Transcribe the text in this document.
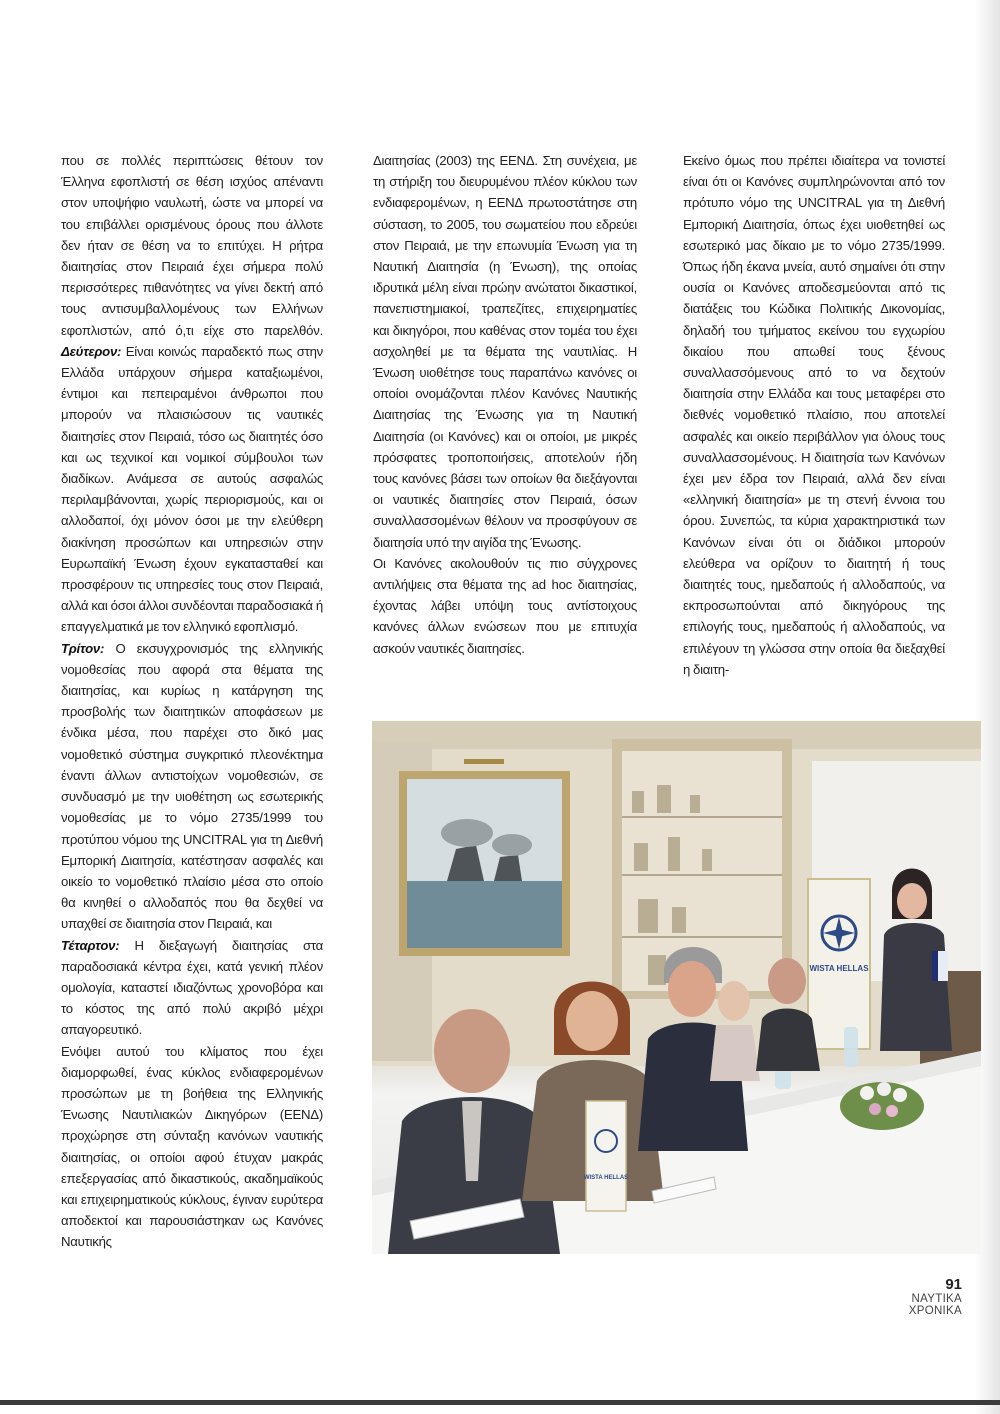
που σε πολλές περιπτώσεις θέτουν τον Έλληνα εφοπλιστή σε θέση ισχύος απέναντι στον υποψήφιο ναυλωτή, ώστε να μπορεί να του επιβάλλει ορισμένους όρους που άλλοτε δεν ήταν σε θέση να το επιτύχει. Η ρήτρα διαιτησίας στον Πειραιά έχει σήμερα πολύ περισσότερες πιθανότητες να γίνει δεκτή από τους αντισυμβαλλομένους των Ελλήνων εφοπλιστών, από ό,τι είχε στο παρελθόν. Δεύτερον: Είναι κοινώς παραδεκτό πως στην Ελλάδα υπάρχουν σήμερα καταξιωμένοι, έντιμοι και πεπειραμένοι άνθρωποι που μπορούν να πλαισιώσουν τις ναυτικές διαιτησίες στον Πειραιά, τόσο ως διαιτητές όσο και ως τεχνικοί και νομικοί σύμβουλοι των διαδίκων. Ανάμεσα σε αυτούς ασφαλώς περιλαμβάνονται, χωρίς περιορισμούς, και οι αλλοδαποί, όχι μόνον όσοι με την ελεύθερη διακίνηση προσώπων και υπηρεσιών στην Ευρωπαϊκή Ένωση έχουν εγκατασταθεί και προσφέρουν τις υπηρεσίες τους στον Πειραιά, αλλά και όσοι άλλοι συνδέονται παραδοσιακά ή επαγγελματικά με τον ελληνικό εφοπλισμό.

Τρίτον: Ο εκσυγχρονισμός της ελληνικής νομοθεσίας που αφορά στα θέματα της διαιτησίας, και κυρίως η κατάργηση της προσβολής των διαιτητικών αποφάσεων με ένδικα μέσα, που παρέχει στο δικό μας νομοθετικό σύστημα συγκριτικό πλεονέκτημα έναντι άλλων αντιστοίχων νομοθεσιών, σε συνδυασμό με την υιοθέτηση ως εσωτερικής νομοθεσίας με το νόμο 2735/1999 του προτύπου νόμου της UNCITRAL για τη Διεθνή Εμπορική Διαιτησία, κατέστησαν ασφαλές και οικείο το νομοθετικό πλαίσιο μέσα στο οποίο θα κινηθεί ο αλλοδαπός που θα δεχθεί να υπαχθεί σε διαιτησία στον Πειραιά, και

Τέταρτον: Η διεξαγωγή διαιτησίας στα παραδοσιακά κέντρα έχει, κατά γενική πλέον ομολογία, καταστεί ιδιαζόντως χρονοβόρα και το κόστος της από πολύ ακριβό μέχρι απαγορευτικό.

Ενόψει αυτού του κλίματος που έχει διαμορφωθεί, ένας κύκλος ενδιαφερομένων προσώπων με τη βοήθεια της Ελληνικής Ένωσης Ναυτιλιακών Δικηγόρων (ΕΕΝΔ) προχώρησε στη σύνταξη κανόνων ναυτικής διαιτησίας, οι οποίοι αφού έτυχαν μακράς επεξεργασίας από δικαστικούς, ακαδημαϊκούς και επιχειρηματικούς κύκλους, έγιναν ευρύτερα αποδεκτοί και παρουσιάστηκαν ως Κανόνες Ναυτικής

Διαιτησίας (2003) της ΕΕΝΔ. Στη συνέχεια, με τη στήριξη του διευρυμένου πλέον κύκλου των ενδιαφερομένων, η ΕΕΝΔ πρωτοστάτησε στη σύσταση, το 2005, του σωματείου που εδρεύει στον Πειραιά, με την επωνυμία Ένωση για τη Ναυτική Διαιτησία (η Ένωση), της οποίας ιδρυτικά μέλη είναι πρώην ανώτατοι δικαστικοί, πανεπιστημιακοί, τραπεζίτες, επιχειρηματίες και δικηγόροι, που καθένας στον τομέα του έχει ασχοληθεί με τα θέματα της ναυτιλίας. Η Ένωση υιοθέτησε τους παραπάνω κανόνες οι οποίοι ονομάζονται πλέον Κανόνες Ναυτικής Διαιτησίας της Ένωσης για τη Ναυτική Διαιτησία (οι Κανόνες) και οι οποίοι, με μικρές πρόσφατες τροποποιήσεις, αποτελούν ήδη τους κανόνες βάσει των οποίων θα διεξάγονται οι ναυτικές διαιτησίες στον Πειραιά, όσων συναλλασσομένων θέλουν να προσφύγουν σε διαιτησία υπό την αιγίδα της Ένωσης.

Οι Κανόνες ακολουθούν τις πιο σύγχρονες αντιλήψεις στα θέματα της ad hoc διαιτησίας, έχοντας λάβει υπόψη τους αντίστοιχους κανόνες άλλων ενώσεων που με επιτυχία ασκούν ναυτικές διαιτησίες.

Εκείνο όμως που πρέπει ιδιαίτερα να τονιστεί είναι ότι οι Κανόνες συμπληρώνονται από τον πρότυπο νόμο της UNCITRAL για τη Διεθνή Εμπορική Διαιτησία, όπως έχει υιοθετηθεί ως εσωτερικό μας δίκαιο με το νόμο 2735/1999. Όπως ήδη έκανα μνεία, αυτό σημαίνει ότι στην ουσία οι Κανόνες αποδεσμεύονται από τις διατάξεις του Κώδικα Πολιτικής Δικονομίας, δηλαδή του τμήματος εκείνου του εγχωρίου δικαίου που απωθεί τους ξένους συναλλασσόμενους από το να δεχτούν διαιτησία στην Ελλάδα και τους μεταφέρει στο διεθνές νομοθετικό πλαίσιο, που αποτελεί ασφαλές και οικείο περιβάλλον για όλους τους συναλλασσομένους. Η διαιτησία των Κανόνων έχει μεν έδρα τον Πειραιά, αλλά δεν είναι «ελληνική διαιτησία» με τη στενή έννοια του όρου. Συνεπώς, τα κύρια χαρακτηριστικά των Κανόνων είναι ότι οι διάδικοι μπορούν ελεύθερα να ορίζουν το διαιτητή ή τους διαιτητές τους, ημεδαπούς ή αλλοδαπούς, να εκπροσωπούνται από δικηγόρους της επιλογής τους, ημεδαπούς ή αλλοδαπούς, να επιλέγουν τη γλώσσα στην οποία θα διεξαχθεί η διαιτη-

WISTA HELLAS
WISTA HELLAS
91
ΝΑΥΤΙΚΑ
ΧΡΟΝΙΚΑ
